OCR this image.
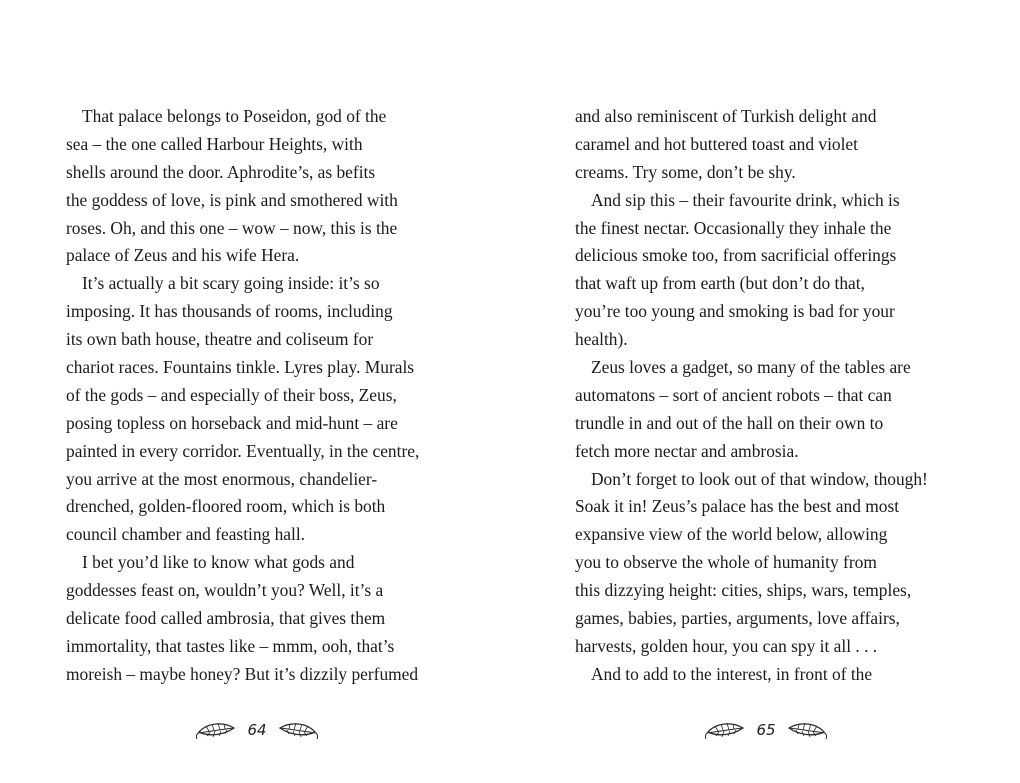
That palace belongs to Poseidon, god of the
sea – the one called Harbour Heights, with
shells around the door. Aphrodite’s, as befits
the goddess of love, is pink and smothered with
roses. Oh, and this one – wow – now, this is the
palace of Zeus and his wife Hera.
It’s actually a bit scary going inside: it’s so
imposing. It has thousands of rooms, including
its own bath house, theatre and coliseum for
chariot races. Fountains tinkle. Lyres play. Murals
of the gods – and especially of their boss, Zeus,
posing topless on horseback and mid-hunt – are
painted in every corridor. Eventually, in the centre,
you arrive at the most enormous, chandelier-
drenched, golden-floored room, which is both
council chamber and feasting hall.
I bet you’d like to know what gods and
goddesses feast on, wouldn’t you? Well, it’s a
delicate food called ambrosia, that gives them
immortality, that tastes like – mmm, ooh, that’s
moreish – maybe honey? But it’s dizzily perfumed
and also reminiscent of Turkish delight and
caramel and hot buttered toast and violet
creams. Try some, don’t be shy.
And sip this – their favourite drink, which is
the finest nectar. Occasionally they inhale the
delicious smoke too, from sacrificial offerings
that waft up from earth (but don’t do that,
you’re too young and smoking is bad for your
health).
Zeus loves a gadget, so many of the tables are
automatons – sort of ancient robots – that can
trundle in and out of the hall on their own to
fetch more nectar and ambrosia.
Don’t forget to look out of that window, though!
Soak it in! Zeus’s palace has the best and most
expansive view of the world below, allowing
you to observe the whole of humanity from
this dizzying height: cities, ships, wars, temples,
games, babies, parties, arguments, love affairs,
harvests, golden hour, you can spy it all . . .
And to add to the interest, in front of the
64	65
